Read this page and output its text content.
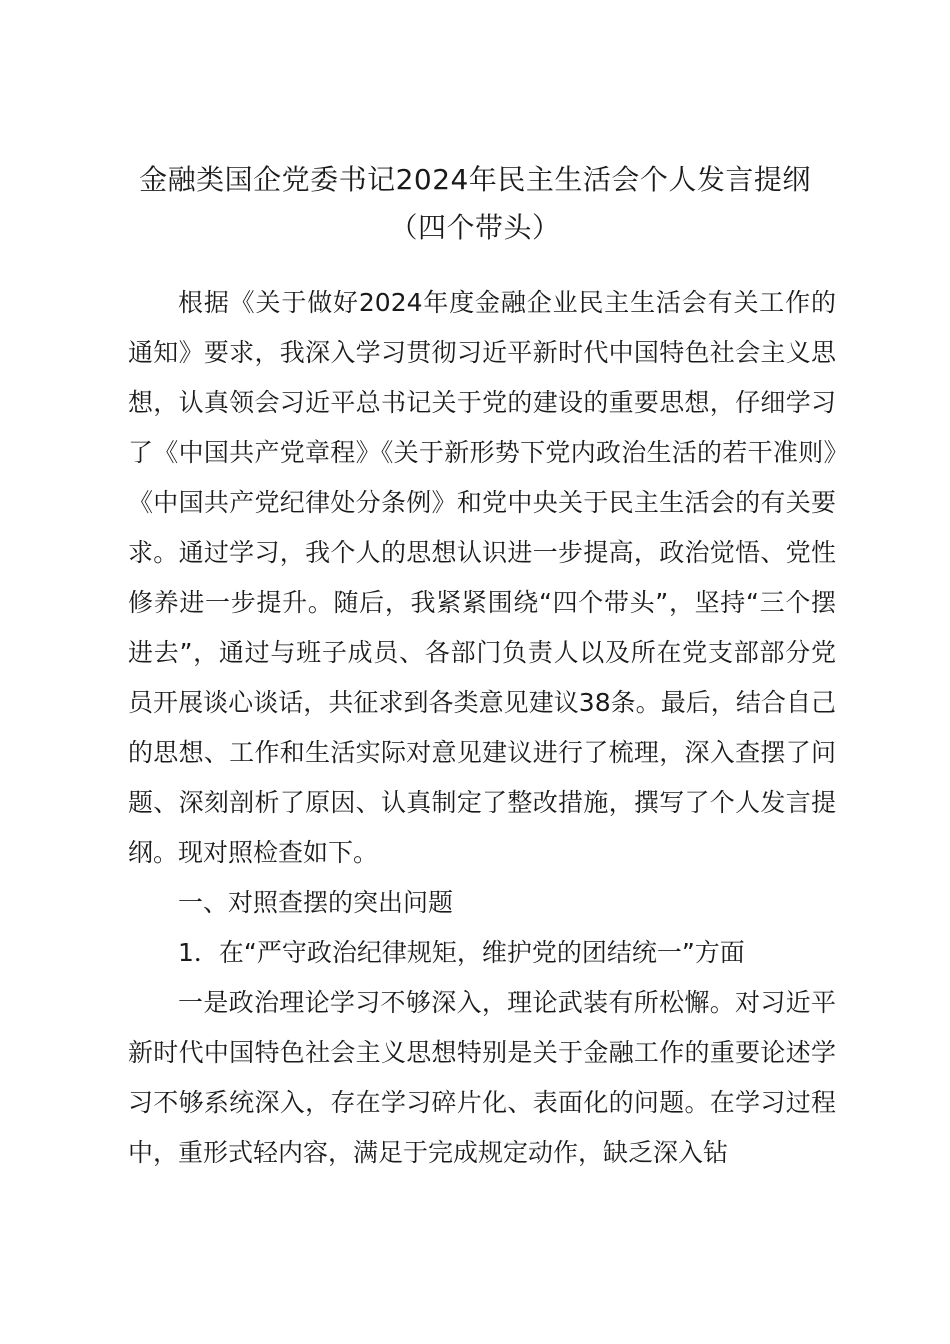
金融类国企党委书记2024年民主生活会个人发言提纲
（四个带头）

根据《关于做好2024年度金融企业民主生活会有关工作的通知》要求，我深入学习贯彻习近平新时代中国特色社会主义思想，认真领会习近平总书记关于党的建设的重要思想，仔细学习了《中国共产党章程》《关于新形势下党内政治生活的若干准则》《中国共产党纪律处分条例》和党中央关于民主生活会的有关要求。通过学习，我个人的思想认识进一步提高，政治觉悟、党性修养进一步提升。随后，我紧紧围绕“四个带头”，坚持“三个摆进去”，通过与班子成员、各部门负责人以及所在党支部部分党员开展谈心谈话，共征求到各类意见建议38条。最后，结合自己的思想、工作和生活实际对意见建议进行了梳理，深入查摆了问题、深刻剖析了原因、认真制定了整改措施，撰写了个人发言提纲。现对照检查如下。

一、对照查摆的突出问题

1．在“严守政治纪律规矩，维护党的团结统一”方面

一是政治理论学习不够深入，理论武装有所松懈。对习近平新时代中国特色社会主义思想特别是关于金融工作的重要论述学习不够系统深入，存在学习碎片化、表面化的问题。在学习过程中，重形式轻内容，满足于完成规定动作，缺乏深入钻
